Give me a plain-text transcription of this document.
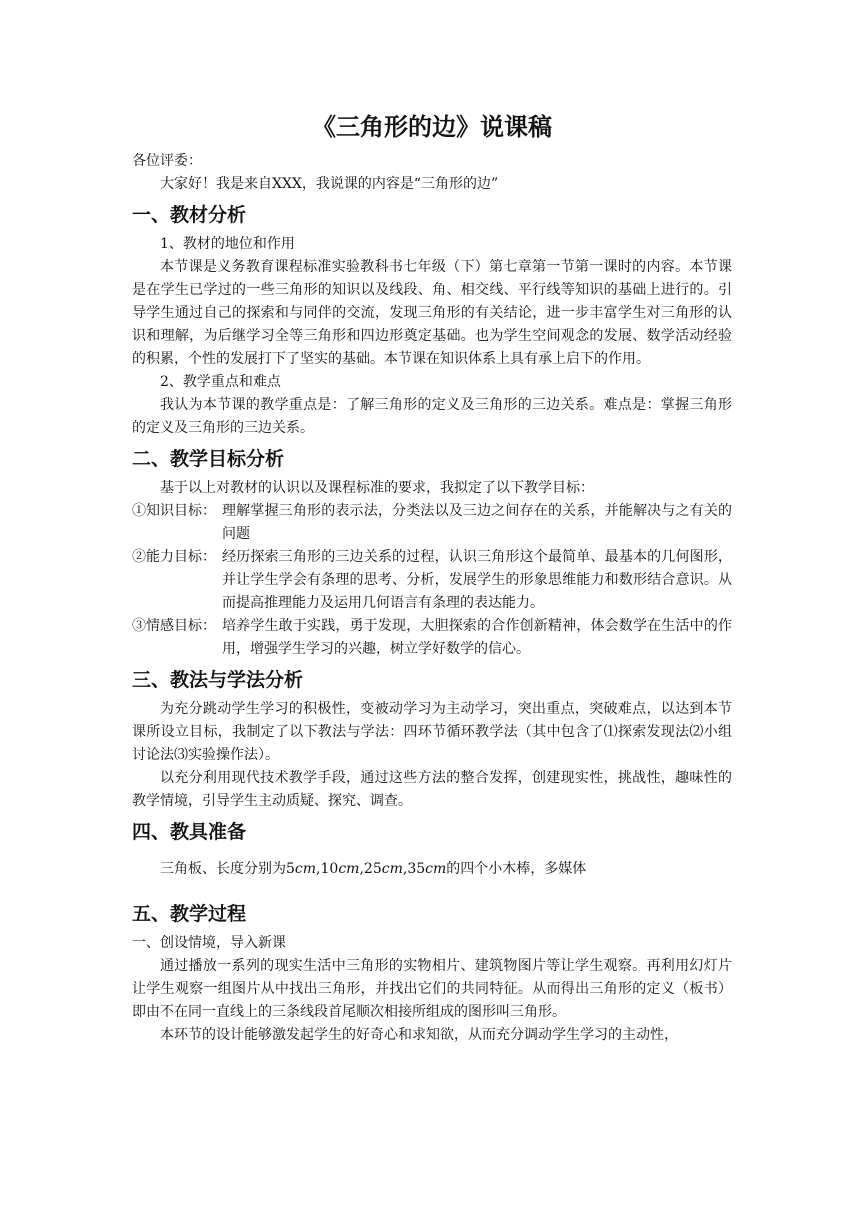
《三角形的边》说课稿

各位评委：

大家好！我是来自XXX，我说课的内容是“三角形的边”

一、教材分析

1、教材的地位和作用

本节课是义务教育课程标准实验教科书七年级（下）第七章第一节第一课时的内容。本节课是在学生已学过的一些三角形的知识以及线段、角、相交线、平行线等知识的基础上进行的。引导学生通过自己的探索和与同伴的交流，发现三角形的有关结论，进一步丰富学生对三角形的认识和理解，为后继学习全等三角形和四边形奠定基础。也为学生空间观念的发展、数学活动经验的积累，个性的发展打下了坚实的基础。本节课在知识体系上具有承上启下的作用。

2、教学重点和难点

我认为本节课的教学重点是：了解三角形的定义及三角形的三边关系。难点是：掌握三角形的定义及三角形的三边关系。

二、教学目标分析

基于以上对教材的认识以及课程标准的要求，我拟定了以下教学目标：

①知识目标： 理解掌握三角形的表示法，分类法以及三边之间存在的关系，并能解决与之有关的问题
②能力目标： 经历探索三角形的三边关系的过程，认识三角形这个最简单、最基本的几何图形，并让学生学会有条理的思考、分析，发展学生的形象思维能力和数形结合意识。从而提高推理能力及运用几何语言有条理的表达能力。
③情感目标： 培养学生敢于实践，勇于发现，大胆探索的合作创新精神，体会数学在生活中的作用，增强学生学习的兴趣，树立学好数学的信心。
三、教法与学法分析

为充分跳动学生学习的积极性，变被动学习为主动学习，突出重点，突破难点，以达到本节课所设立目标，我制定了以下教法与学法：四环节循环教学法（其中包含了⑴探索发现法⑵小组讨论法⑶实验操作法）。

以充分利用现代技术教学手段，通过这些方法的整合发挥，创建现实性，挑战性，趣味性的教学情境，引导学生主动质疑、探究、调查。

四、教具准备

三角板、长度分别为5cm,10cm,25cm,35cm的四个小木棒，多媒体

五、教学过程

一、创设情境，导入新课

通过播放一系列的现实生活中三角形的实物相片、建筑物图片等让学生观察。再利用幻灯片让学生观察一组图片从中找出三角形，并找出它们的共同特征。从而得出三角形的定义（板书）即由不在同一直线上的三条线段首尾顺次相接所组成的图形叫三角形。

本环节的设计能够激发起学生的好奇心和求知欲，从而充分调动学生学习的主动性，
